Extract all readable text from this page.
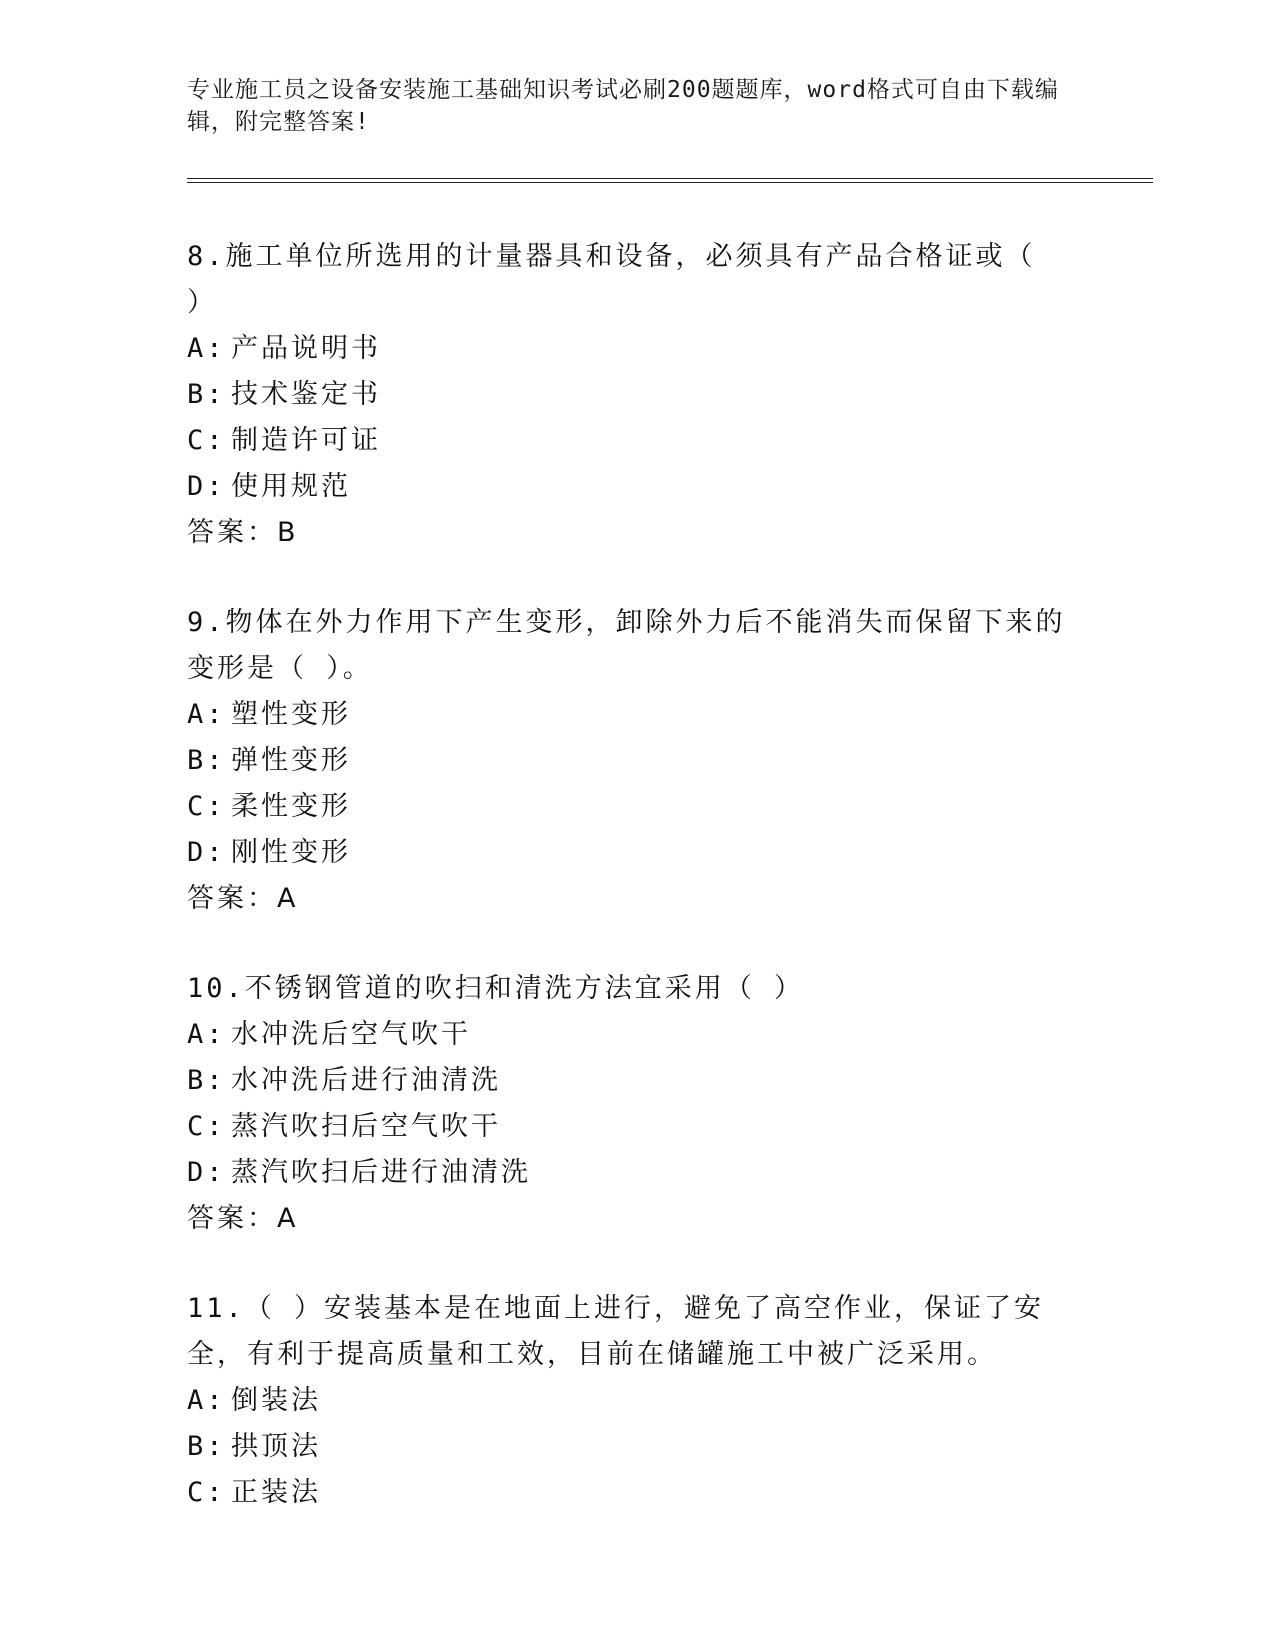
专业施工员之设备安装施工基础知识考试必刷200题题库，word格式可自由下载编辑，附完整答案!

8.施工单位所选用的计量器具和设备，必须具有产品合格证或（ ）

A: 产品说明书
B: 技术鉴定书
C: 制造许可证
D: 使用规范
答案：B

9.物体在外力作用下产生变形，卸除外力后不能消失而保留下来的变形是（ ）。

A: 塑性变形
B: 弹性变形
C: 柔性变形
D: 刚性变形
答案：A

10.不锈钢管道的吹扫和清洗方法宜采用（ ）

A: 水冲洗后空气吹干
B: 水冲洗后进行油清洗
C: 蒸汽吹扫后空气吹干
D: 蒸汽吹扫后进行油清洗
答案：A

11.（ ）安装基本是在地面上进行，避免了高空作业，保证了安全，有利于提高质量和工效，目前在储罐施工中被广泛采用。

A: 倒装法
B: 拱顶法
C: 正装法
